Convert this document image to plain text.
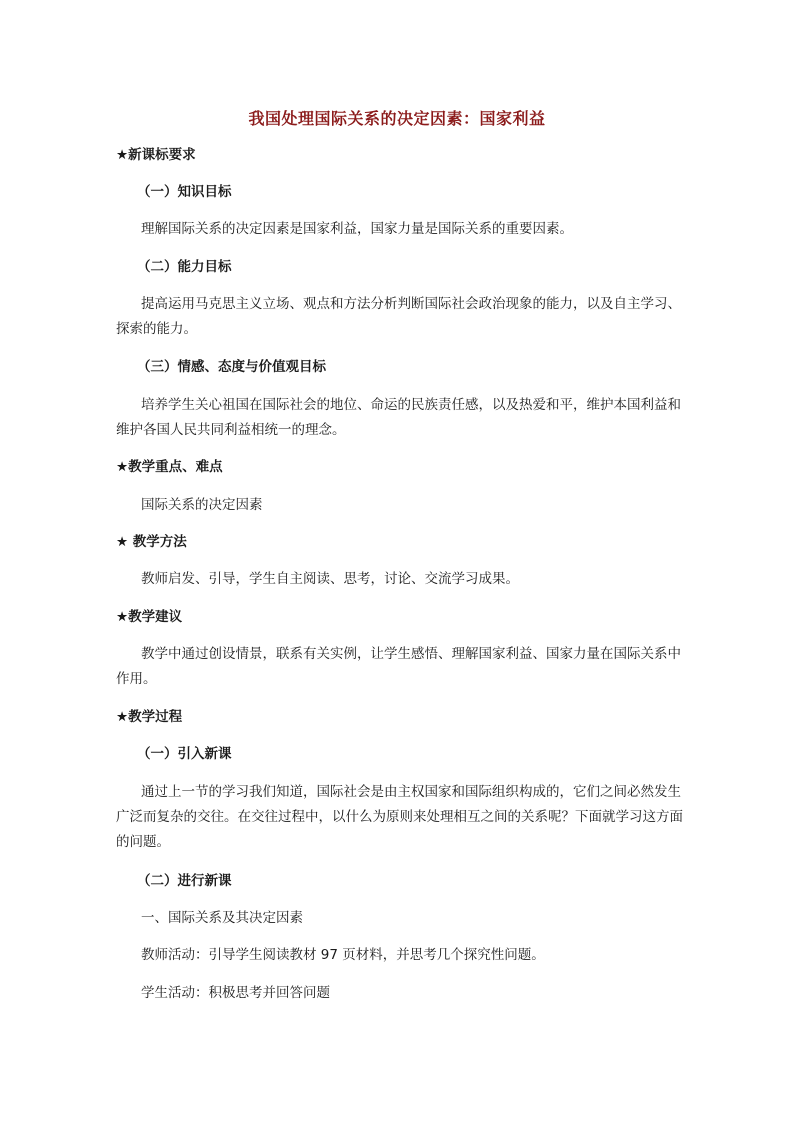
我国处理国际关系的决定因素：国家利益
★新课标要求
（一）知识目标
理解国际关系的决定因素是国家利益，国家力量是国际关系的重要因素。
（二）能力目标
提高运用马克思主义立场、观点和方法分析判断国际社会政治现象的能力，以及自主学习、探索的能力。
（三）情感、态度与价值观目标
培养学生关心祖国在国际社会的地位、命运的民族责任感，以及热爱和平，维护本国利益和维护各国人民共同利益相统一的理念。
★教学重点、难点
国际关系的决定因素
★ 教学方法
教师启发、引导，学生自主阅读、思考，讨论、交流学习成果。
★教学建议
教学中通过创设情景，联系有关实例，让学生感悟、理解国家利益、国家力量在国际关系中作用。
★教学过程
（一）引入新课
通过上一节的学习我们知道，国际社会是由主权国家和国际组织构成的，它们之间必然发生广泛而复杂的交往。在交往过程中，以什么为原则来处理相互之间的关系呢？下面就学习这方面的问题。
（二）进行新课
一、国际关系及其决定因素
教师活动：引导学生阅读教材 97 页材料，并思考几个探究性问题。
学生活动：积极思考并回答问题
